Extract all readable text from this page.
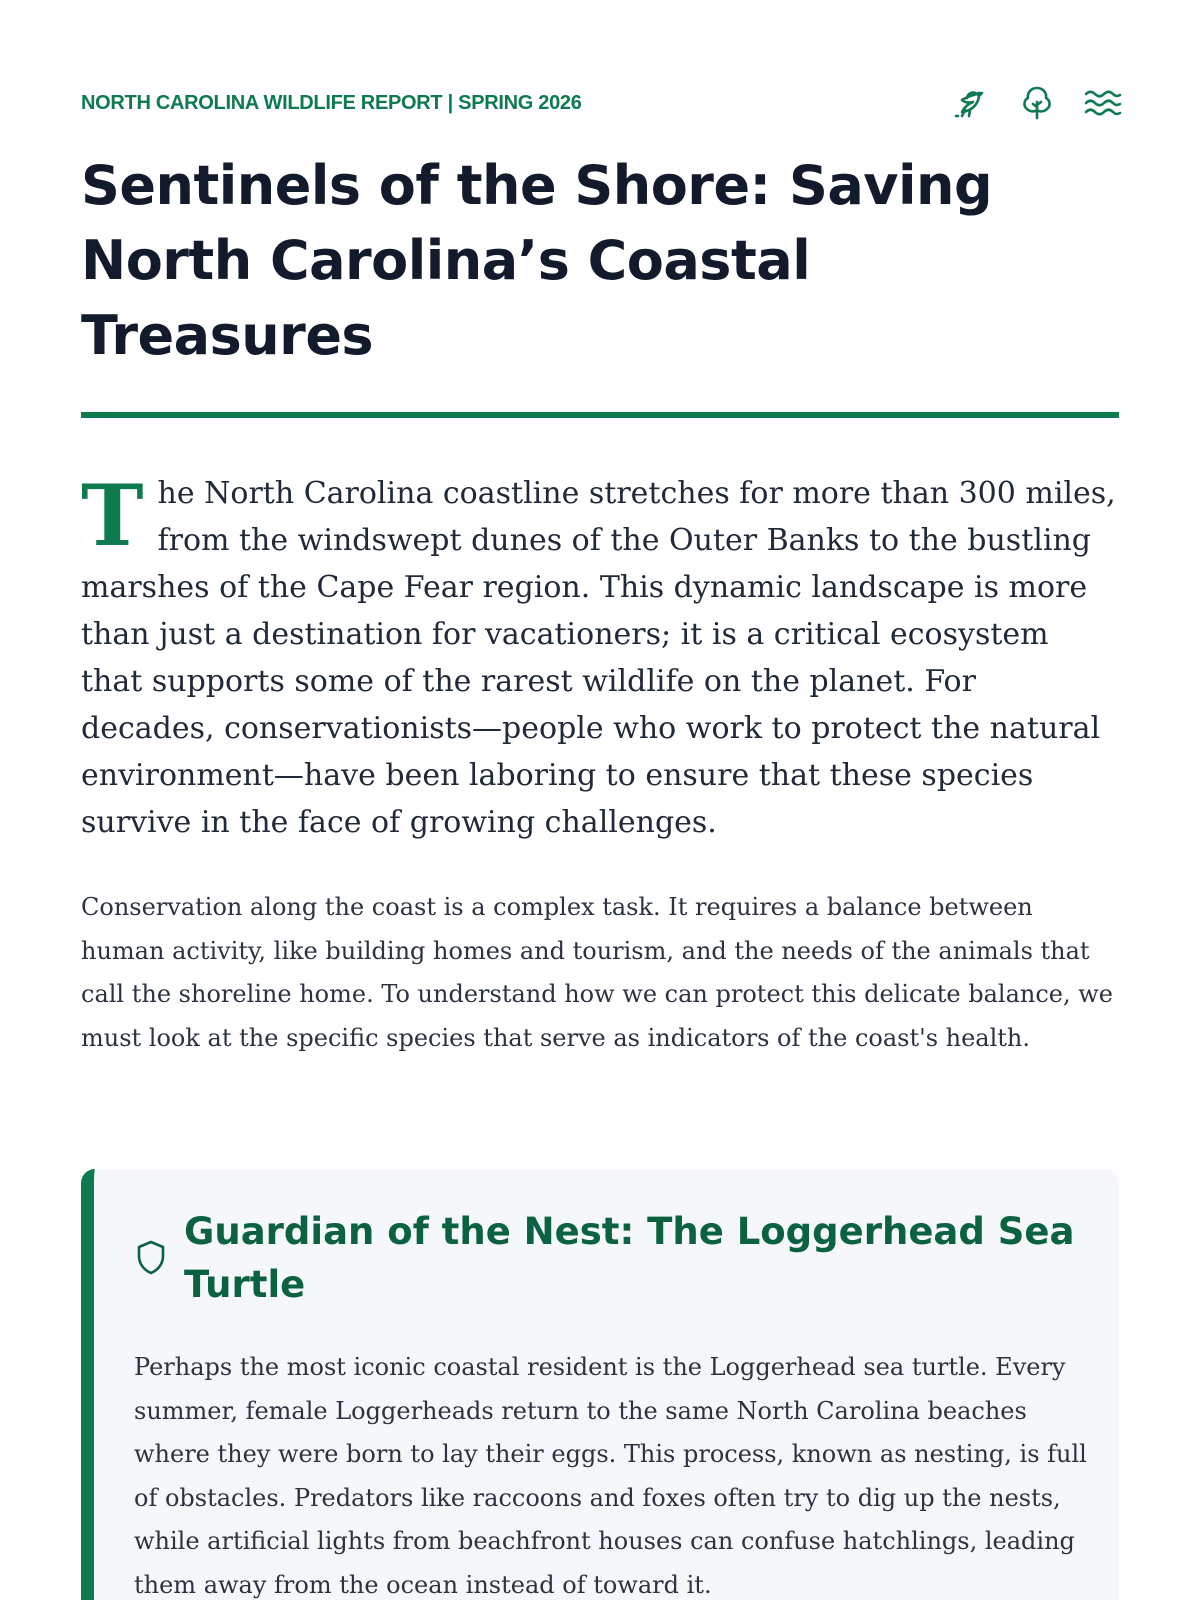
NORTH CAROLINA WILDLIFE REPORT | SPRING 2026
Sentinels of the Shore: Saving North Carolina’s Coastal Treasures

The North Carolina coastline stretches for more than 300 miles, from the windswept dunes of the Outer Banks to the bustling marshes of the Cape Fear region. This dynamic landscape is more than just a destination for vacationers; it is a critical ecosystem that supports some of the rarest wildlife on the planet. For decades, conservationists—people who work to protect the natural environment—have been laboring to ensure that these species survive in the face of growing challenges.

Conservation along the coast is a complex task. It requires a balance between human activity, like building homes and tourism, and the needs of the animals that call the shoreline home. To understand how we can protect this delicate balance, we must look at the specific species that serve as indicators of the coast's health.

Guardian of the Nest: The Loggerhead Sea Turtle

Perhaps the most iconic coastal resident is the Loggerhead sea turtle. Every summer, female Loggerheads return to the same North Carolina beaches where they were born to lay their eggs. This process, known as nesting, is full of obstacles. Predators like raccoons and foxes often try to dig up the nests, while artificial lights from beachfront houses can confuse hatchlings, leading them away from the ocean instead of toward it.
